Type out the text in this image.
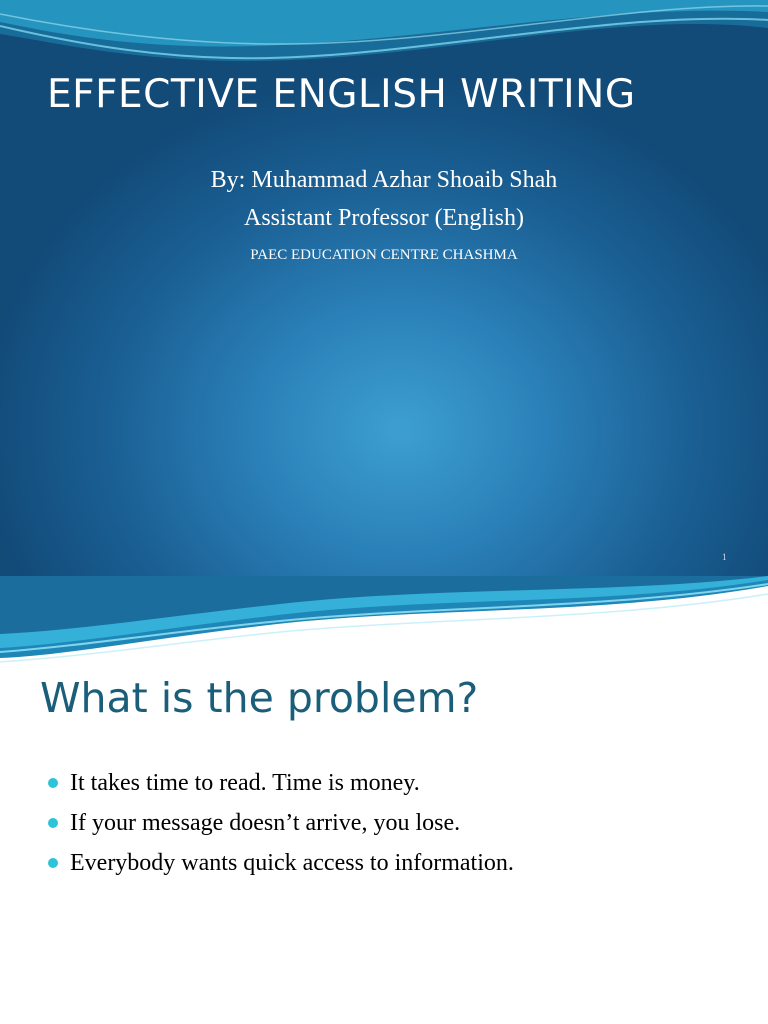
EFFECTIVE ENGLISH WRITING
By: Muhammad Azhar Shoaib Shah
Assistant Professor (English)
PAEC EDUCATION CENTRE CHASHMA
1
What is the problem?
It takes time to read. Time is money.
If your message doesn’t arrive, you lose.
Everybody wants quick access to information.
